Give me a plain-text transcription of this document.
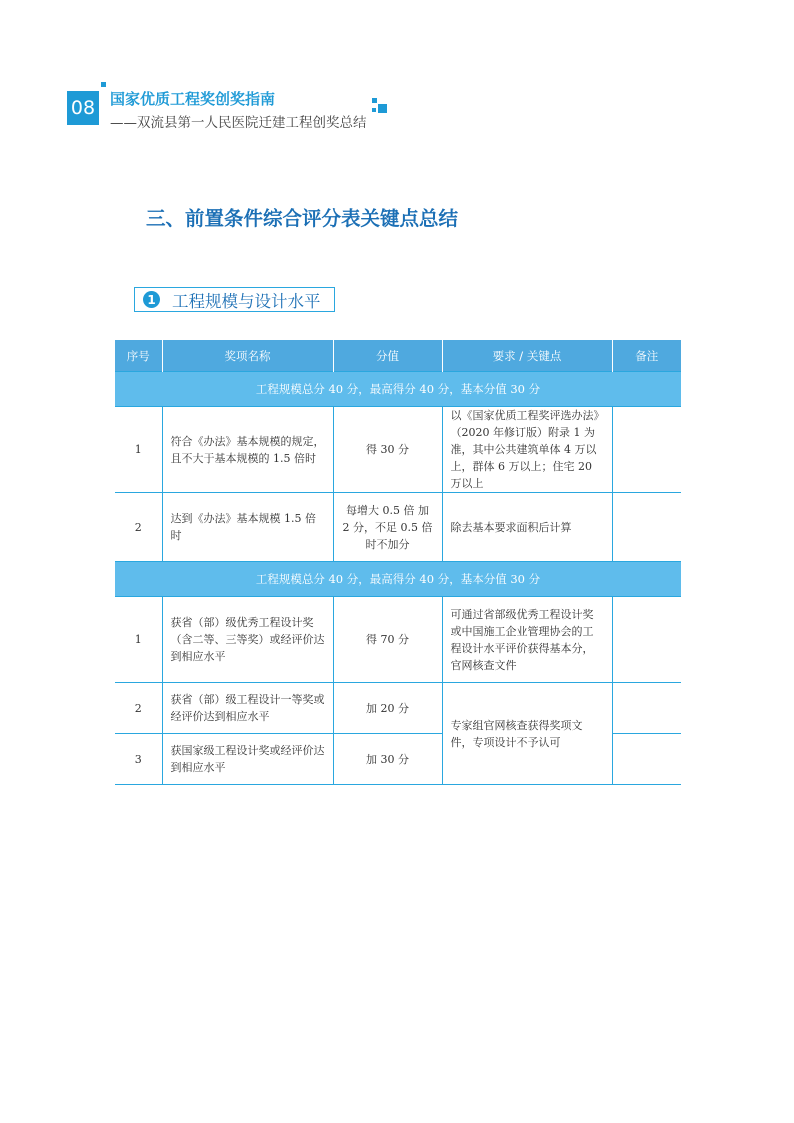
08 国家优质工程奖创奖指南
——双流县第一人民医院迁建工程创奖总结
三、前置条件综合评分表关键点总结
1 工程规模与设计水平
序号	奖项名称	分值	要求 / 关键点	备注
工程规模总分 40 分，最高得分 40 分，基本分值 30 分				
1	符合《办法》基本规模的规定，且不大于基本规模的 1.5 倍时	得 30 分	以《国家优质工程奖评选办法》（2020 年修订版）附录 1 为准，其中公共建筑单体 4 万以上，群体 6 万以上；住宅 20 万以上	
2	达到《办法》基本规模 1.5 倍时	每增大 0.5 倍 加 2 分，不足 0.5 倍时不加分	除去基本要求面积后计算	
工程规模总分 40 分，最高得分 40 分，基本分值 30 分				
1	获省（部）级优秀工程设计奖（含二等、三等奖）或经评价达到相应水平	得 70 分	可通过省部级优秀工程设计奖或中国施工企业管理协会的工程设计水平评价获得基本分，官网核查文件	
2	获省（部）级工程设计一等奖或经评价达到相应水平	加 20 分	专家组官网核查获得奖项文件，专项设计不予认可	
3	获国家级工程设计奖或经评价达到相应水平	加 30 分		
